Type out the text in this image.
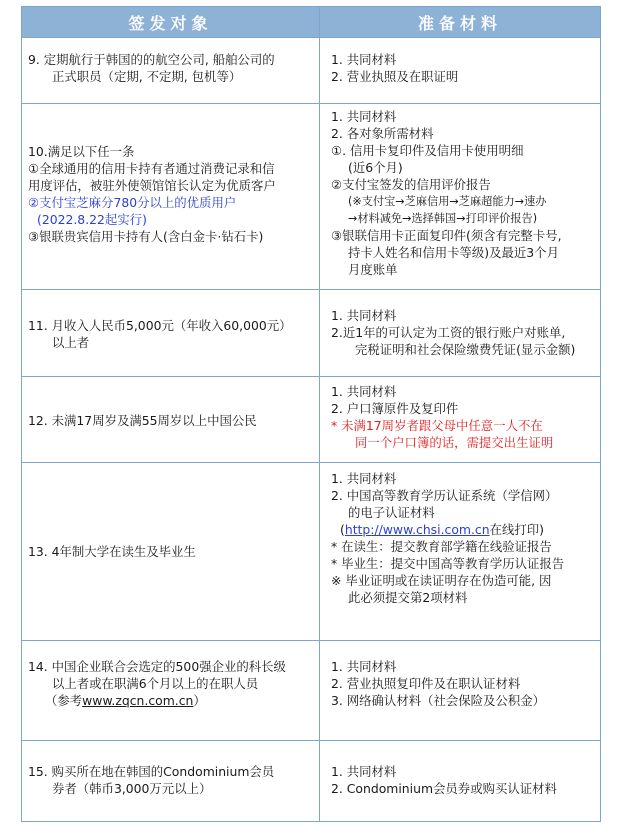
签发对象	准备材料
9. 定期航行于韩国的的航空公司, 船舶公司的
正式职员（定期, 不定期, 包机等）
1. 共同材料
2. 营业执照及在职证明
10.满足以下任一条
①全球通用的信用卡持有者通过消费记录和信
用度评估，被驻外使领馆馆长认定为优质客户
②支付宝芝麻分780分以上的优质用户
(2022.8.22起实行)
③银联贵宾信用卡持有人(含白金卡·钻石卡)
1. 共同材料
2. 各对象所需材料
①. 信用卡复印件及信用卡使用明细
(近6个月)
②支付宝签发的信用评价报告
(※支付宝→芝麻信用→芝麻超能力→速办
→材料减免→选择韩国→打印评价报告)
③银联信用卡正面复印件(须含有完整卡号,
持卡人姓名和信用卡等级)及最近3个月
月度账单
11. 月收入人民币5,000元（年收入60,000元）
以上者
1. 共同材料
2.近1年的可认定为工资的银行账户对账单,
完税证明和社会保险缴费凭证(显示金额)
12. 未满17周岁及满55周岁以上中国公民
1. 共同材料
2. 户口簿原件及复印件
* 未满17周岁者跟父母中任意一人不在
同一个户口簿的话，需提交出生证明
13. 4年制大学在读生及毕业生
1. 共同材料
2. 中国高等教育学历认证系统（学信网）
的电子认证材料
(http://www.chsi.com.cn在线打印)
* 在读生：提交教育部学籍在线验证报告
* 毕业生：提交中国高等教育学历认证报告
※ 毕业证明或在读证明存在伪造可能, 因
此必须提交第2项材料
14. 中国企业联合会选定的500强企业的科长级
以上者或在职满6个月以上的在职人员
（参考www.zqcn.com.cn）
1. 共同材料
2. 营业执照复印件及在职认证材料
3. 网络确认材料（社会保险及公积金）
15. 购买所在地在韩国的Condominium会员
券者（韩币3,000万元以上）
1. 共同材料
2. Condominium会员券或购买认证材料
